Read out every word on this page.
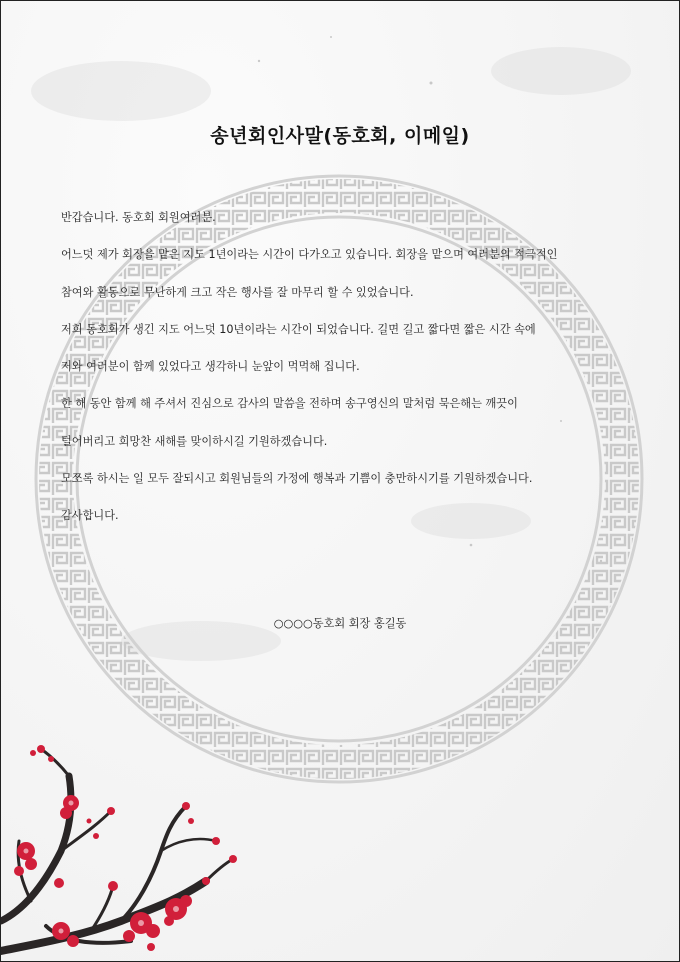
송년회인사말(동호회, 이메일)
반갑습니다. 동호회 회원여러분.
어느덧 제가 회장을 맡은 지도 1년이라는 시간이 다가오고 있습니다. 회장을 맡으며 여러분의 적극적인
참여와 활동으로 무난하게 크고 작은 행사를 잘 마무리 할 수 있었습니다.
저희 동호회가 생긴 지도 어느덧 10년이라는 시간이 되었습니다. 길면 길고 짧다면 짧은 시간 속에
저와 여러분이 함께 있었다고 생각하니 눈앞이 먹먹해 집니다.
한 해 동안 함께 해 주셔서 진심으로 감사의 말씀을 전하며 송구영신의 말처럼 묵은해는 깨끗이
털어버리고 희망찬 새해를 맞이하시길 기원하겠습니다.
모쪼록 하시는 일 모두 잘되시고 회원님들의 가정에 행복과 기쁨이 충만하시기를 기원하겠습니다.
감사합니다.
○○○○동호회 회장 홍길동
